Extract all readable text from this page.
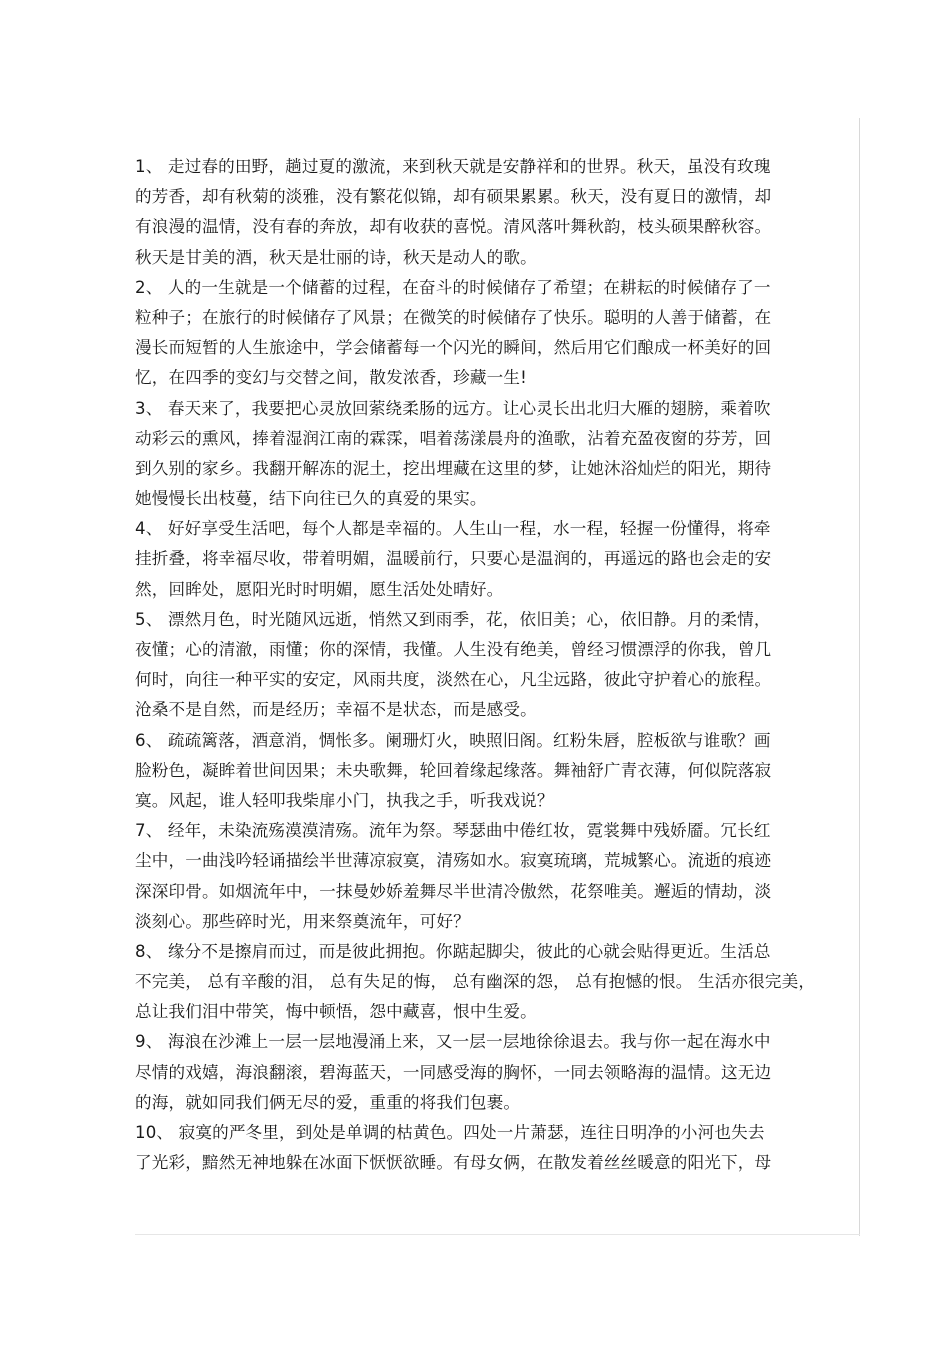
1、 走过春的田野，趟过夏的激流，来到秋天就是安静祥和的世界。秋天，虽没有玫瑰
的芳香，却有秋菊的淡雅，没有繁花似锦，却有硕果累累。秋天，没有夏日的激情，却
有浪漫的温情，没有春的奔放，却有收获的喜悦。清风落叶舞秋韵，枝头硕果醉秋容。
秋天是甘美的酒，秋天是壮丽的诗，秋天是动人的歌。
2、 人的一生就是一个储蓄的过程，在奋斗的时候储存了希望；在耕耘的时候储存了一
粒种子；在旅行的时候储存了风景；在微笑的时候储存了快乐。聪明的人善于储蓄，在
漫长而短暂的人生旅途中，学会储蓄每一个闪光的瞬间，然后用它们酿成一杯美好的回
忆，在四季的变幻与交替之间，散发浓香，珍藏一生!
3、 春天来了，我要把心灵放回萦绕柔肠的远方。让心灵长出北归大雁的翅膀，乘着吹
动彩云的熏风，捧着湿润江南的霖霂，唱着荡漾晨舟的渔歌，沾着充盈夜窗的芬芳，回
到久别的家乡。我翻开解冻的泥土，挖出埋藏在这里的梦，让她沐浴灿烂的阳光，期待
她慢慢长出枝蔓，结下向往已久的真爱的果实。
4、 好好享受生活吧，每个人都是幸福的。人生山一程，水一程，轻握一份懂得，将牵
挂折叠，将幸福尽收，带着明媚，温暖前行，只要心是温润的，再遥远的路也会走的安
然，回眸处，愿阳光时时明媚，愿生活处处晴好。
5、 漂然月色，时光随风远逝，悄然又到雨季，花，依旧美；心，依旧静。月的柔情，
夜懂；心的清澈，雨懂；你的深情，我懂。人生没有绝美，曾经习惯漂浮的你我，曾几
何时，向往一种平实的安定，风雨共度，淡然在心，凡尘远路，彼此守护着心的旅程。
沧桑不是自然，而是经历；幸福不是状态，而是感受。
6、 疏疏篱落，酒意消，惆怅多。阑珊灯火，映照旧阁。红粉朱唇，腔板欲与谁歌？画
脸粉色，凝眸着世间因果；未央歌舞，轮回着缘起缘落。舞袖舒广青衣薄，何似院落寂
寞。风起，谁人轻叩我柴扉小门，执我之手，听我戏说？
7、 经年，未染流殇漠漠清殇。流年为祭。琴瑟曲中倦红妆，霓裳舞中残娇靥。冗长红
尘中，一曲浅吟轻诵描绘半世薄凉寂寞，清殇如水。寂寞琉璃，荒城繁心。流逝的痕迹
深深印骨。如烟流年中，一抹曼妙娇羞舞尽半世清冷傲然，花祭唯美。邂逅的情劫，淡
淡刻心。那些碎时光，用来祭奠流年，可好？
8、 缘分不是擦肩而过，而是彼此拥抱。你踮起脚尖，彼此的心就会贴得更近。生活总
不完美， 总有辛酸的泪， 总有失足的悔， 总有幽深的怨， 总有抱憾的恨。 生活亦很完美，
总让我们泪中带笑，悔中顿悟，怨中藏喜，恨中生爱。
9、 海浪在沙滩上一层一层地漫涌上来，又一层一层地徐徐退去。我与你一起在海水中
尽情的戏嬉，海浪翻滚，碧海蓝天，一同感受海的胸怀，一同去领略海的温情。这无边
的海，就如同我们俩无尽的爱，重重的将我们包裹。
10、 寂寞的严冬里，到处是单调的枯黄色。四处一片萧瑟，连往日明净的小河也失去
了光彩，黯然无神地躲在冰面下恹恹欲睡。有母女俩，在散发着丝丝暖意的阳光下，母
